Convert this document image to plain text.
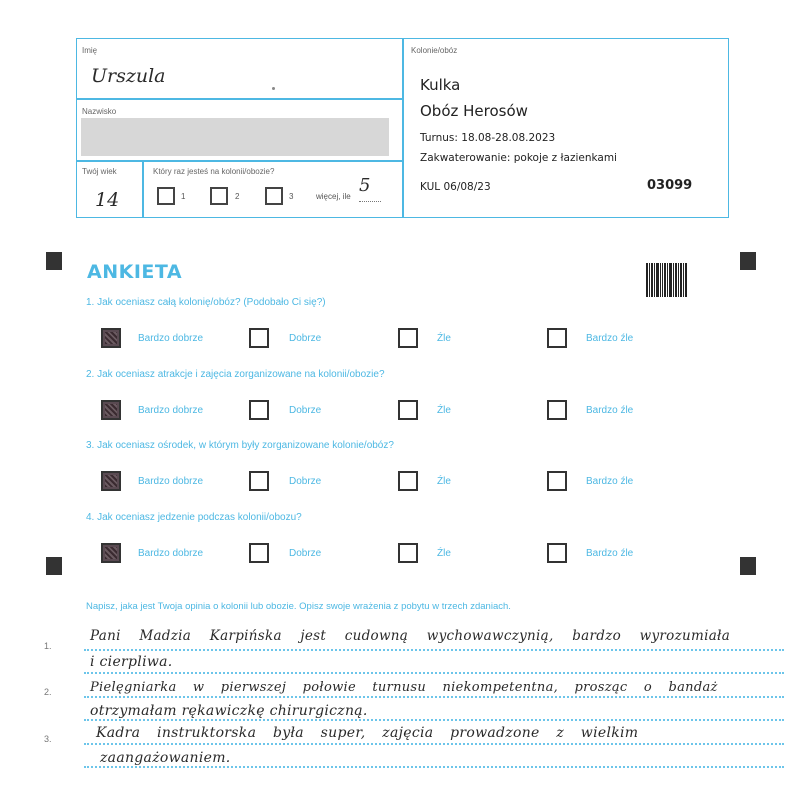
Imię
Urszula
Nazwisko
Twój wiek
14
Który raz jesteś na kolonii/obozie?
1	2	3	więcej, ile
5
Kolonie/obóz
Kulka
Obóz Herosów
Turnus: 18.08-28.08.2023
Zakwaterowanie: pokoje z łazienkami
KUL 06/08/23	03099
ANKIETA
1. Jak oceniasz całą kolonię/obóz? (Podobało Ci się?)
Bardzo dobrze	Dobrze	Źle	Bardzo źle
2. Jak oceniasz atrakcje i zajęcia zorganizowane na kolonii/obozie?
Bardzo dobrze	Dobrze	Źle	Bardzo źle
3. Jak oceniasz ośrodek, w którym były zorganizowane kolonie/obóz?
Bardzo dobrze	Dobrze	Źle	Bardzo źle
4. Jak oceniasz jedzenie podczas kolonii/obozu?
Bardzo dobrze	Dobrze	Źle	Bardzo źle
Napisz, jaka jest Twoja opinia o kolonii lub obozie. Opisz swoje wrażenia z pobytu w trzech zdaniach.
1.
2.
3.
Pani Madzia Karpińska jest cudowną wychowawczynią, bardzo wyrozumiała
i cierpliwa.
Pielęgniarka w pierwszej połowie turnusu niekompetentna, prosząc o bandaż
otrzymałam rękawiczkę chirurgiczną.
Kadra instruktorska była super, zajęcia prowadzone z wielkim
zaangażowaniem.
